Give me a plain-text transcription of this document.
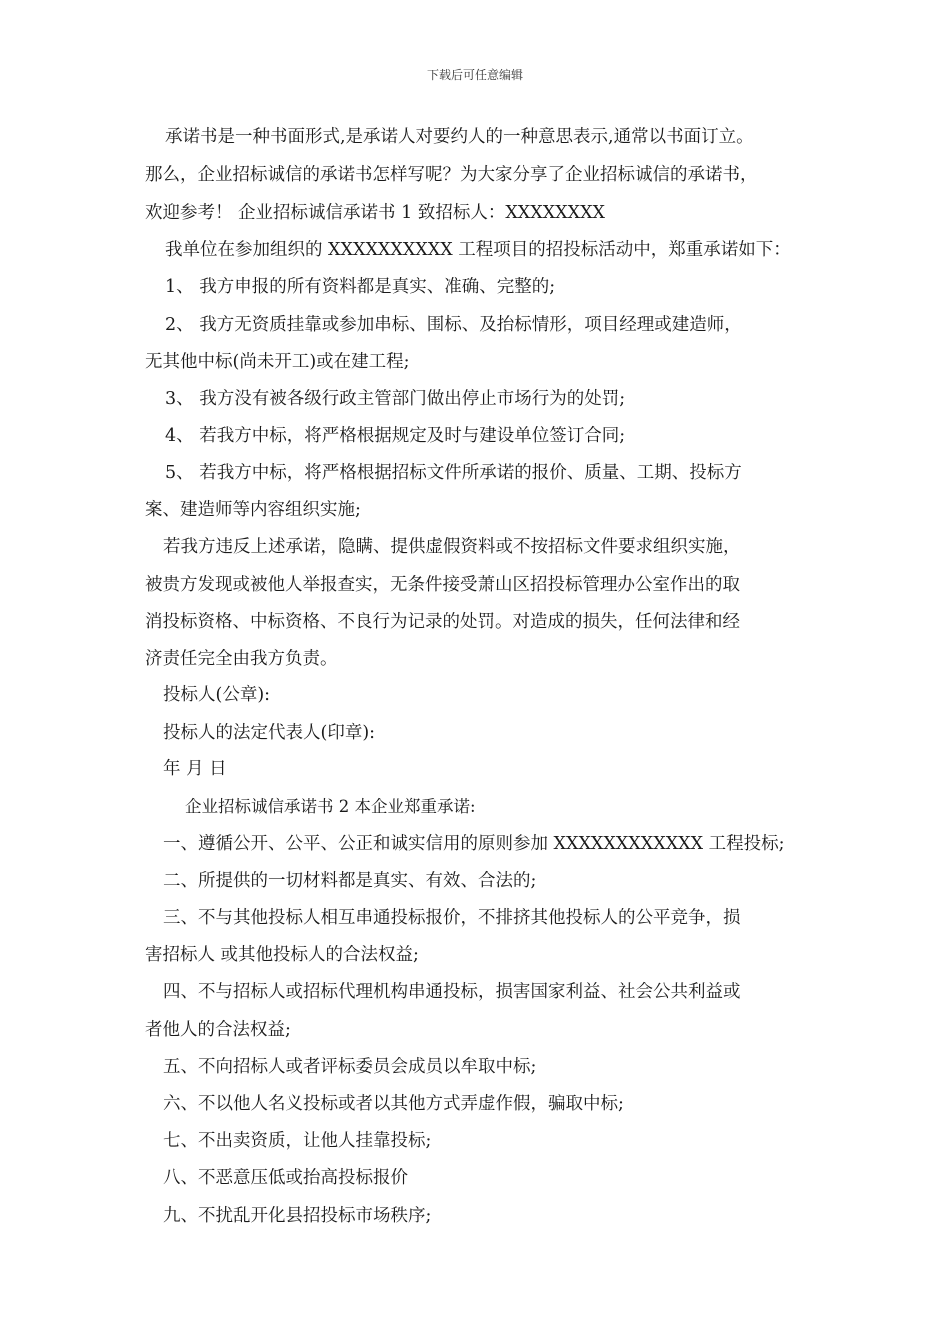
下载后可任意编辑
承诺书是一种书面形式,是承诺人对要约人的一种意思表示,通常以书面订立。
那么，企业招标诚信的承诺书怎样写呢？为大家分享了企业招标诚信的承诺书，
欢迎参考！ 企业招标诚信承诺书 1 致招标人：XXXXXXXX
我单位在参加组织的 XXXXXXXXXX 工程项目的招投标活动中，郑重承诺如下：
1、 我方申报的所有资料都是真实、准确、完整的;
2、 我方无资质挂靠或参加串标、围标、及抬标情形，项目经理或建造师，
无其他中标(尚未开工)或在建工程;
3、 我方没有被各级行政主管部门做出停止市场行为的处罚;
4、 若我方中标，将严格根据规定及时与建设单位签订合同;
5、 若我方中标，将严格根据招标文件所承诺的报价、质量、工期、投标方
案、建造师等内容组织实施;
若我方违反上述承诺，隐瞒、提供虚假资料或不按招标文件要求组织实施，
被贵方发现或被他人举报查实，无条件接受萧山区招投标管理办公室作出的取
消投标资格、中标资格、不良行为记录的处罚。对造成的损失，任何法律和经
济责任完全由我方负责。
投标人(公章):
投标人的法定代表人(印章):
年 月 日
企业招标诚信承诺书 2 本企业郑重承诺:
一、遵循公开、公平、公正和诚实信用的原则参加 XXXXXXXXXXXX 工程投标;
二、所提供的一切材料都是真实、有效、合法的;
三、不与其他投标人相互串通投标报价，不排挤其他投标人的公平竞争，损
害招标人 或其他投标人的合法权益;
四、不与招标人或招标代理机构串通投标，损害国家利益、社会公共利益或
者他人的合法权益;
五、不向招标人或者评标委员会成员以牟取中标;
六、不以他人名义投标或者以其他方式弄虚作假，骗取中标;
七、不出卖资质，让他人挂靠投标;
八、不恶意压低或抬高投标报价
九、不扰乱开化县招投标市场秩序;
